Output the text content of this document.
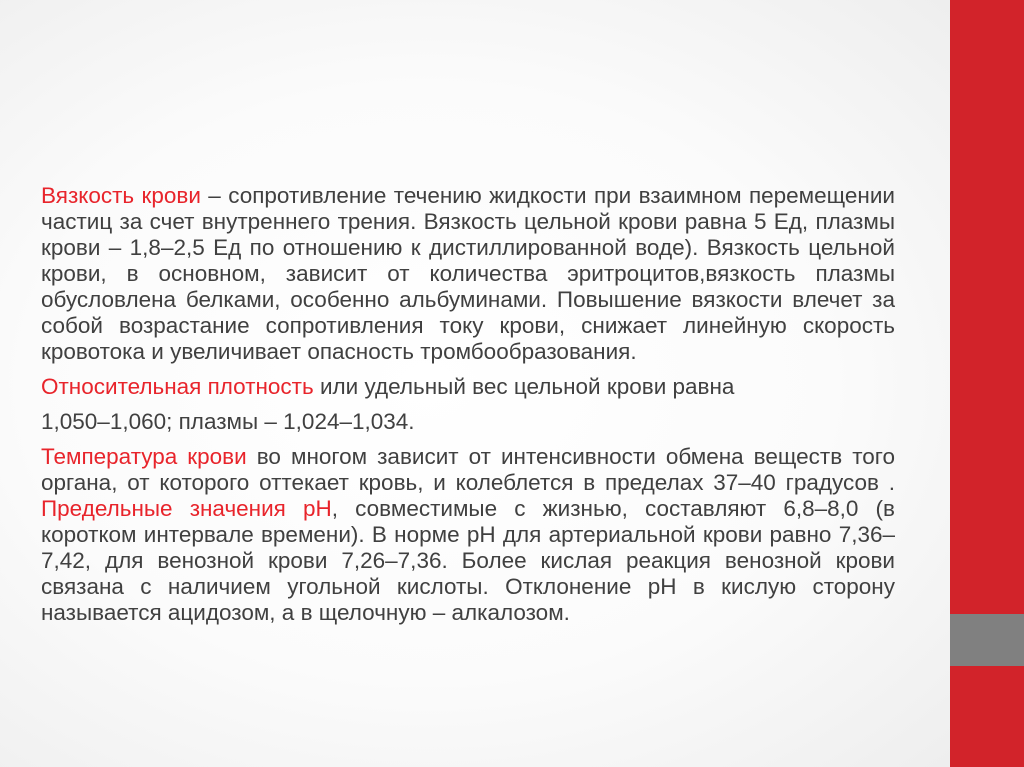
Вязкость крови – сопротивление течению жидкости при взаимном перемещении частиц за счет внутреннего трения. Вязкость цельной крови равна 5 Ед, плазмы крови – 1,8–2,5 Ед по отношению к дистиллированной воде). Вязкость цельной крови, в основном, зависит от количества эритроцитов,вязкость плазмы обусловлена белками, особенно альбуминами. Повышение вязкости влечет за собой возрастание сопротивления току крови, снижает линейную скорость кровотока и увеличивает опасность тромбообразования.

Относительная плотность или удельный вес цельной крови равна

1,050–1,060; плазмы – 1,024–1,034.

Температура крови во многом зависит от интенсивности обмена веществ того органа, от которого оттекает кровь, и колеблется в пределах 37–40 градусов . Предельные значения рН, совместимые с жизнью, составляют 6,8–8,0 (в коротком интервале времени). В норме рН для артериальной крови равно 7,36–7,42, для венозной крови 7,26–7,36. Более кислая реакция венозной крови связана с наличием угольной кислоты. Отклонение рН в кислую сторону называется ацидозом, а в щелочную – алкалозом.
